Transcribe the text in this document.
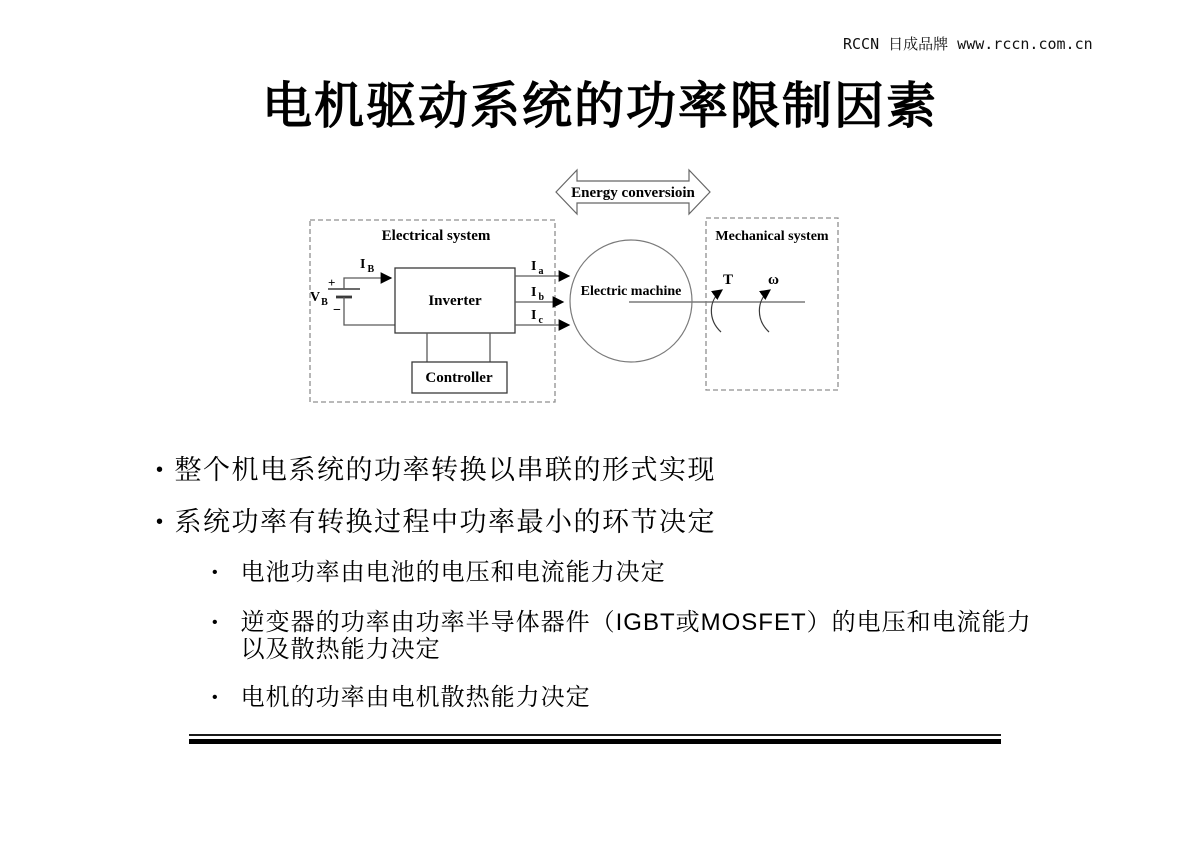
RCCN 日成品牌 www.rccn.com.cn
电机驱动系统的功率限制因素
Energy conversioin
Electrical system	Mechanical system
$V_B$
+
−
I $_B$
Inverter
Controller
I $_a$
I $_b$
I $_c$
Electric machine
T ω
• 整个机电系统的功率转换以串联的形式实现
• 系统功率有转换过程中功率最小的环节决定
• 电池功率由电池的电压和电流能力决定
• 逆变器的功率由功率半导体器件（IGBT或MOSFET）的电压和电流能力以及散热能力决定
• 电机的功率由电机散热能力决定
